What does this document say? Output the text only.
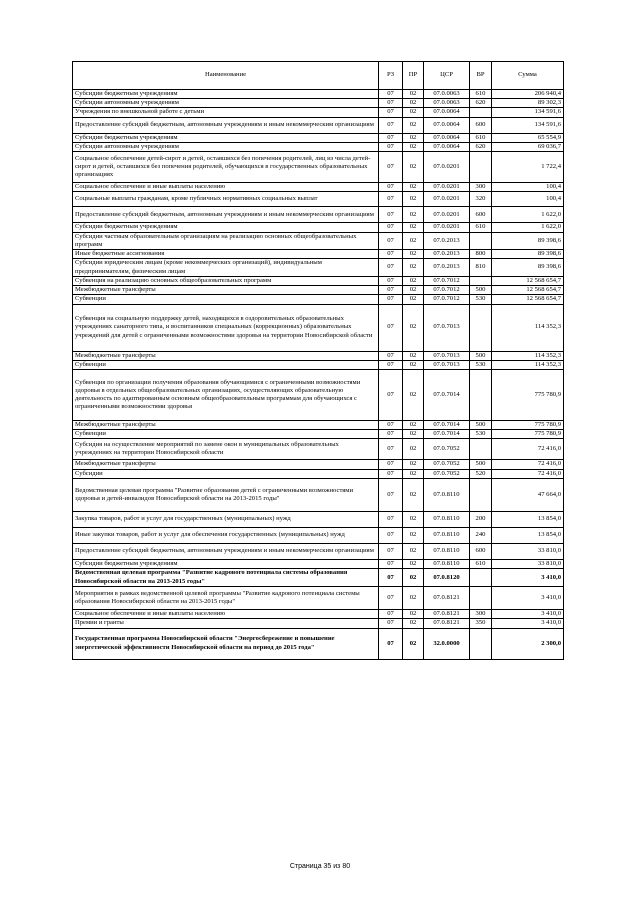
Наименование	РЗ	ПР	ЦСР	ВР	Сумма
Субсидии бюджетным учреждениям	07	02	07.0.0063	610	206 940,4
Субсидии автономным учреждениям	07	02	07.0.0063	620	89 302,3
Учреждения по внешкольной работе с детьми	07	02	07.0.0064		134 591,6
Предоставление субсидий бюджетным, автономным учреждениям и иным некоммерческим организациям	07	02	07.0.0064	600	134 591,6
Субсидии бюджетным учреждениям	07	02	07.0.0064	610	65 554,9
Субсидии автономным учреждениям	07	02	07.0.0064	620	69 036,7
Социальное обеспечение детей-сирот и детей, оставшихся без попечения родителей, лиц из числа детей-сирот и детей, оставшихся без попечения родителей, обучающихся в государственных образовательных организациях	07	02	07.0.0201		1 722,4
Социальное обеспечение и иные выплаты населению	07	02	07.0.0201	300	100,4
Социальные выплаты гражданам, кроме публичных нормативных социальных выплат	07	02	07.0.0201	320	100,4
Предоставление субсидий бюджетным, автономным учреждениям и иным некоммерческим организациям	07	02	07.0.0201	600	1 622,0
Субсидии бюджетным учреждениям	07	02	07.0.0201	610	1 622,0
Субсидии частным образовательным организациям на реализацию основных общеобразовательных программ	07	02	07.0.2013		89 398,6
Иные бюджетные ассигнования	07	02	07.0.2013	800	89 398,6
Субсидии юридическим лицам (кроме некоммерческих организаций), индивидуальным предпринимателям, физическим лицам	07	02	07.0.2013	810	89 398,6
Субвенция на реализацию основных общеобразовательных программ	07	02	07.0.7012		12 568 654,7
Межбюджетные трансферты	07	02	07.0.7012	500	12 568 654,7
Субвенции	07	02	07.0.7012	530	12 568 654,7
Субвенция на социальную поддержку детей, находящихся в оздоровительных образовательных учреждениях санаторного типа, и воспитанников специальных (коррекционных) образовательных учреждений для детей с ограниченными возможностями здоровья на территории Новосибирской области	07	02	07.0.7013		114 352,3
Межбюджетные трансферты	07	02	07.0.7013	500	114 352,3
Субвенции	07	02	07.0.7013	530	114 352,3
Субвенция по организации получения образования обучающимися с ограниченными возможностями здоровья в отдельных общеобразовательных организациях, осуществляющих образовательную деятельность по адаптированным основным общеобразовательным программам для обучающихся с ограниченными возможностями здоровья	07	02	07.0.7014		775 780,9
Межбюджетные трансферты	07	02	07.0.7014	500	775 780,9
Субвенции	07	02	07.0.7014	530	775 780,9
Субсидия на осуществление мероприятий по замене окон в муниципальных образовательных учреждениях на территории Новосибирской области	07	02	07.0.7052		72 416,0
Межбюджетные трансферты	07	02	07.0.7052	500	72 416,0
Субсидии	07	02	07.0.7052	520	72 416,0
Ведомственная целевая программа "Развитие образования детей с ограниченными возможностями здоровья и детей-инвалидов Новосибирской области на 2013-2015 годы"	07	02	07.0.8110		47 664,0
Закупка товаров, работ и услуг для государственных (муниципальных) нужд	07	02	07.0.8110	200	13 854,0
Иные закупки товаров, работ и услуг для обеспечения государственных (муниципальных) нужд	07	02	07.0.8110	240	13 854,0
Предоставление субсидий бюджетным, автономным учреждениям и иным некоммерческим организациям	07	02	07.0.8110	600	33 810,0
Субсидии бюджетным учреждениям	07	02	07.0.8110	610	33 810,0
Ведомственная целевая программа "Развитие кадрового потенциала системы образования Новосибирской области на 2013-2015 годы"	07	02	07.0.8120		3 410,0
Мероприятия в рамках ведомственной целевой программы "Развитие кадрового потенциала системы образования Новосибирской области на 2013-2015 годы"	07	02	07.0.8121		3 410,0
Социальное обеспечение и иные выплаты населению	07	02	07.0.8121	300	3 410,0
Премии и гранты	07	02	07.0.8121	350	3 410,0
Государственная программа Новосибирской области "Энергосбережение и повышение энергетической эффективности Новосибирской области на период до 2015 года"	07	02	32.0.0000		2 300,0
Страница 35 из 80
